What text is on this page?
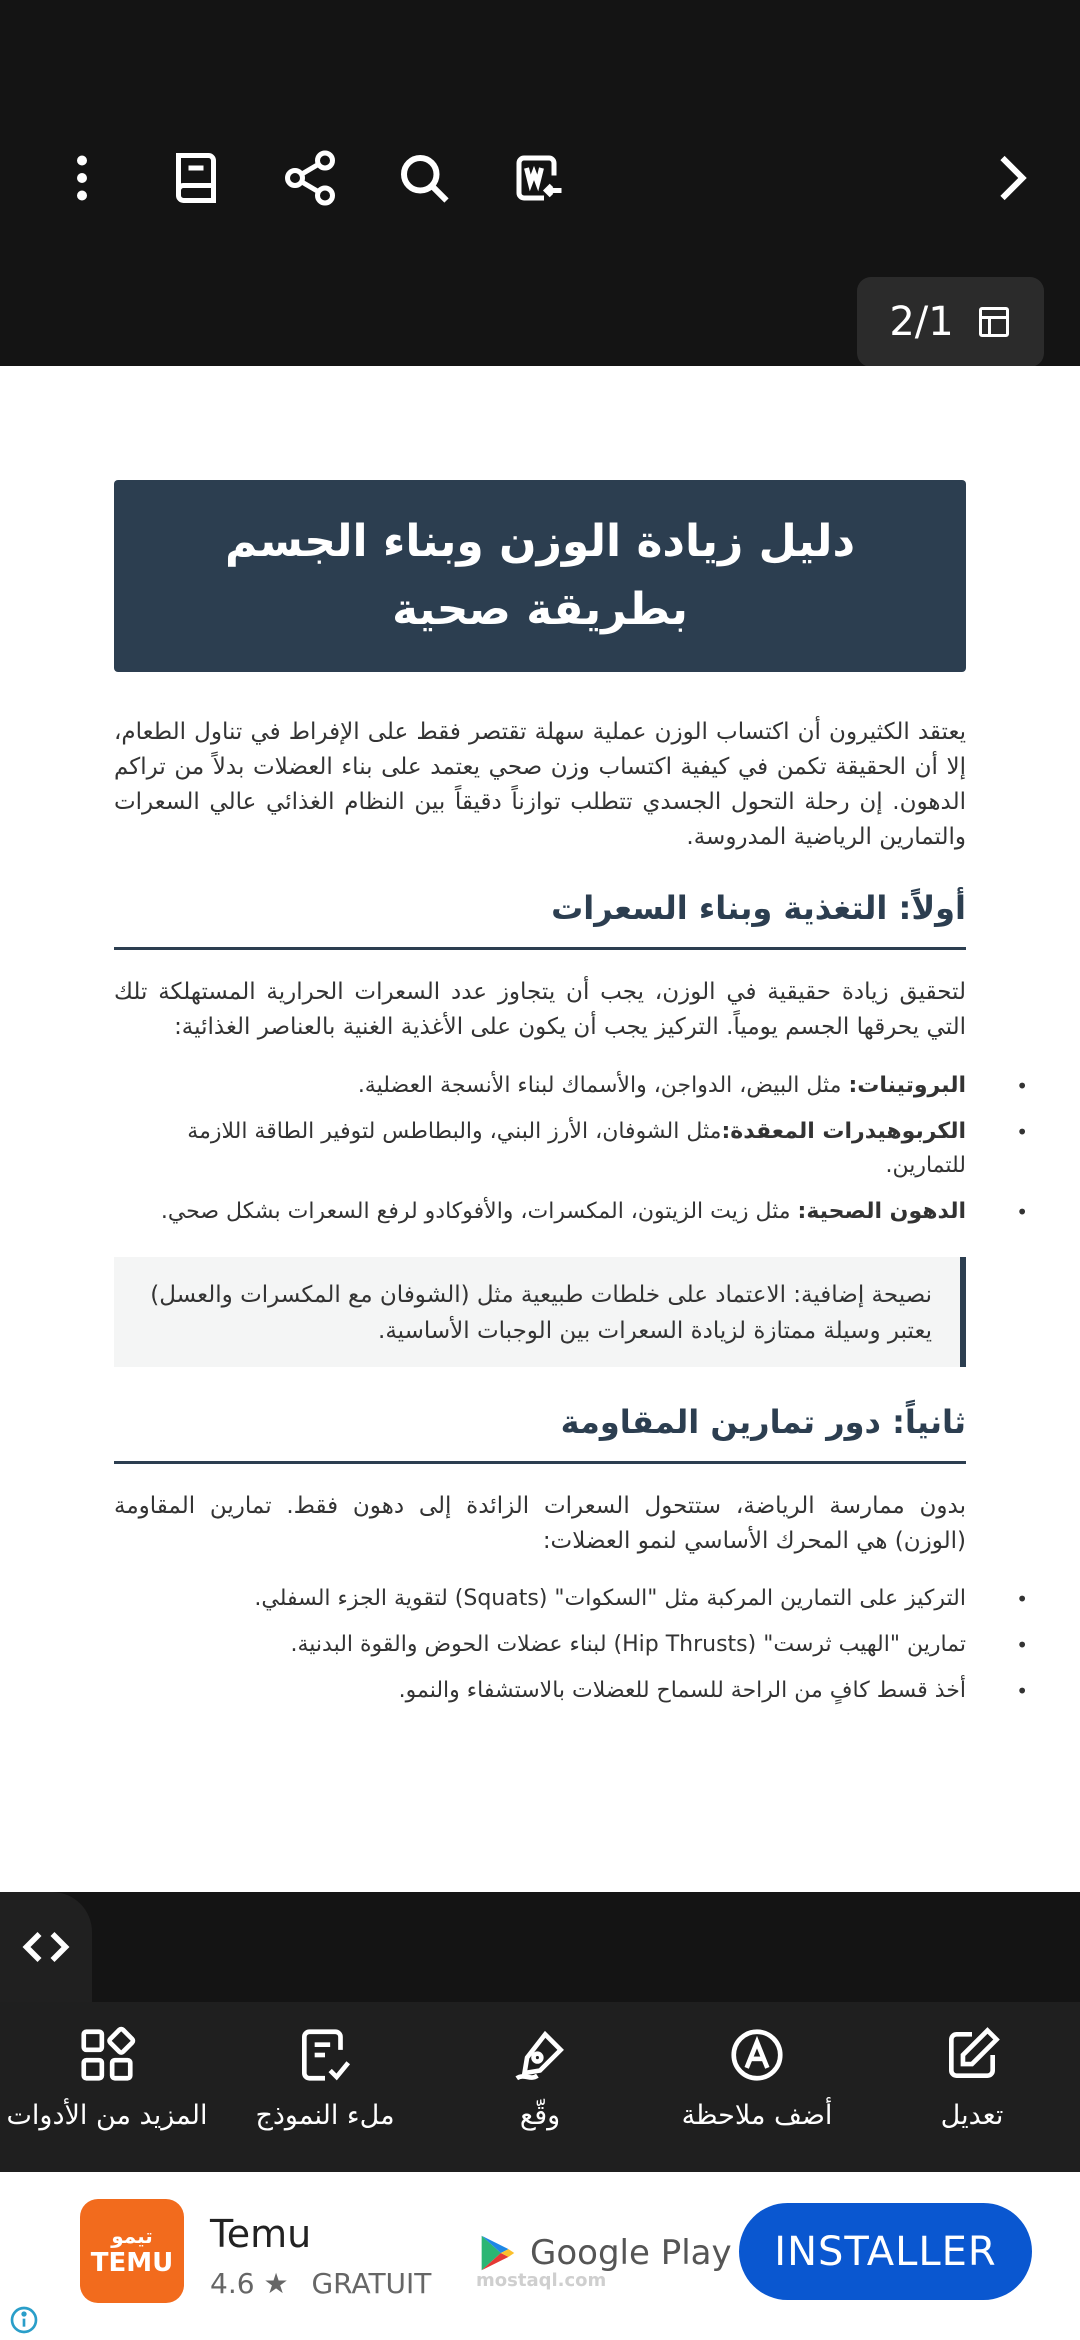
2/1
دليل زيادة الوزن وبناء الجسم
بطريقة صحية
يعتقد الكثيرون أن اكتساب الوزن عملية سهلة تقتصر فقط على الإفراط في تناول الطعام، إلا أن الحقيقة تكمن في كيفية اكتساب وزن صحي يعتمد على بناء العضلات بدلاً من تراكم الدهون. إن رحلة التحول الجسدي تتطلب توازناً دقيقاً بين النظام الغذائي عالي السعرات والتمارين الرياضية المدروسة.
أولاً: التغذية وبناء السعرات
لتحقيق زيادة حقيقية في الوزن، يجب أن يتجاوز عدد السعرات الحرارية المستهلكة تلك التي يحرقها الجسم يومياً. التركيز يجب أن يكون على الأغذية الغنية بالعناصر الغذائية:
• البروتينات: مثل البيض، الدواجن، والأسماك لبناء الأنسجة العضلية.
• الكربوهيدرات المعقدة:مثل الشوفان، الأرز البني، والبطاطس لتوفير الطاقة اللازمة للتمارين.
• الدهون الصحية: مثل زيت الزيتون، المكسرات، والأفوكادو لرفع السعرات بشكل صحي.
نصيحة إضافية: الاعتماد على خلطات طبيعية مثل (الشوفان مع المكسرات والعسل) يعتبر وسيلة ممتازة لزيادة السعرات بين الوجبات الأساسية.
ثانياً: دور تمارين المقاومة
بدون ممارسة الرياضة، ستتحول السعرات الزائدة إلى دهون فقط. تمارين المقاومة (الوزن) هي المحرك الأساسي لنمو العضلات:
• التركيز على التمارين المركبة مثل "السكوات" (Squats) لتقوية الجزء السفلي.
• تمارين "الهيب ثرست" (Hip Thrusts) لبناء عضلات الحوض والقوة البدنية.
• أخذ قسط كافٍ من الراحة للسماح للعضلات بالاستشفاء والنمو.
المزيد من الأدوات ملء النموذج	وقّع	أضف ملاحظة	تعديل
تيمو
TEMU
Temu
4.6 ★ GRATUIT
Google Play
mostaql.com
INSTALLER
